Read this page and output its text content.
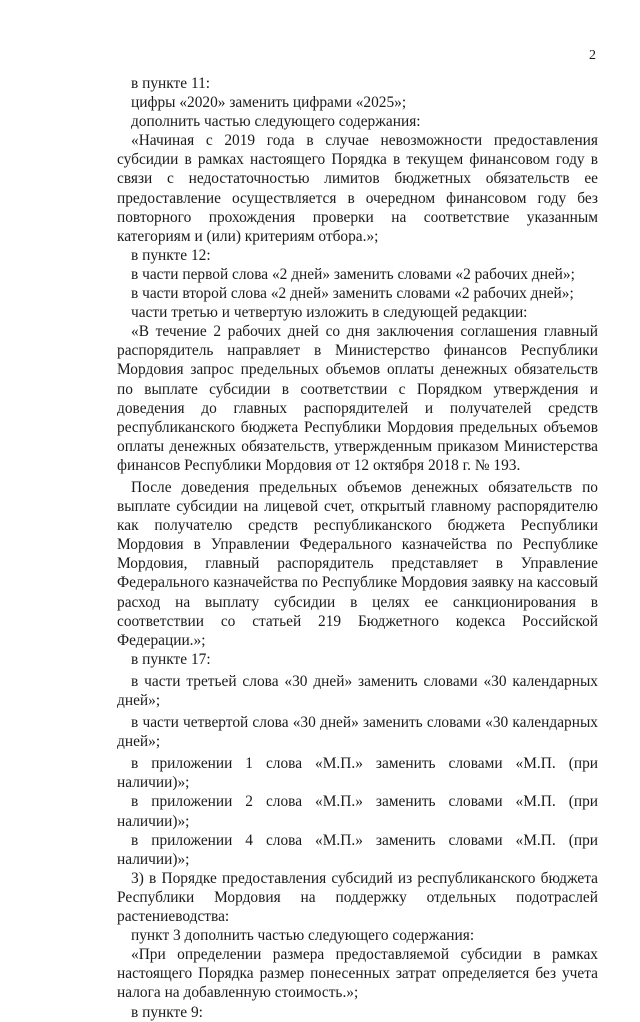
2

в пункте 11:

цифры «2020» заменить цифрами «2025»;

дополнить частью следующего содержания:

«Начиная с 2019 года в случае невозможности предоставления субсидии в рамках настоящего Порядка в текущем финансовом году в связи с недостаточностью лимитов бюджетных обязательств ее предоставление осуществляется в очередном финансовом году без повторного прохождения проверки на соответствие указанным категориям и (или) критериям отбора.»;

в пункте 12:

в части первой слова «2 дней» заменить словами «2 рабочих дней»;

в части второй слова «2 дней» заменить словами «2 рабочих дней»;

части третью и четвертую изложить в следующей редакции:

«В течение 2 рабочих дней со дня заключения соглашения главный распорядитель направляет в Министерство финансов Республики Мордовия запрос предельных объемов оплаты денежных обязательств по выплате субсидии в соответствии с Порядком утверждения и доведения до главных распорядителей и получателей средств республиканского бюджета Республики Мордовия предельных объемов оплаты денежных обязательств, утвержденным приказом Министерства финансов Республики Мордовия от 12 октября 2018 г. № 193.

После доведения предельных объемов денежных обязательств по выплате субсидии на лицевой счет, открытый главному распорядителю как получателю средств республиканского бюджета Республики Мордовия в Управлении Федерального казначейства по Республике Мордовия, главный распорядитель представляет в Управление Федерального казначейства по Республике Мордовия заявку на кассовый расход на выплату субсидии в целях ее санкционирования в соответствии со статьей 219 Бюджетного кодекса Российской Федерации.»;

в пункте 17:

в части третьей слова «30 дней» заменить словами «30 календарных дней»;

в части четвертой слова «30 дней» заменить словами «30 календарных дней»;

в приложении 1 слова «М.П.» заменить словами «М.П. (при наличии)»;

в приложении 2 слова «М.П.» заменить словами «М.П. (при наличии)»;

в приложении 4 слова «М.П.» заменить словами «М.П. (при наличии)»;

3) в Порядке предоставления субсидий из республиканского бюджета Республики Мордовия на поддержку отдельных подотраслей растениеводства:

пункт 3 дополнить частью следующего содержания:

«При определении размера предоставляемой субсидии в рамках настоящего Порядка размер понесенных затрат определяется без учета налога на добавленную стоимость.»;

в пункте 9:
